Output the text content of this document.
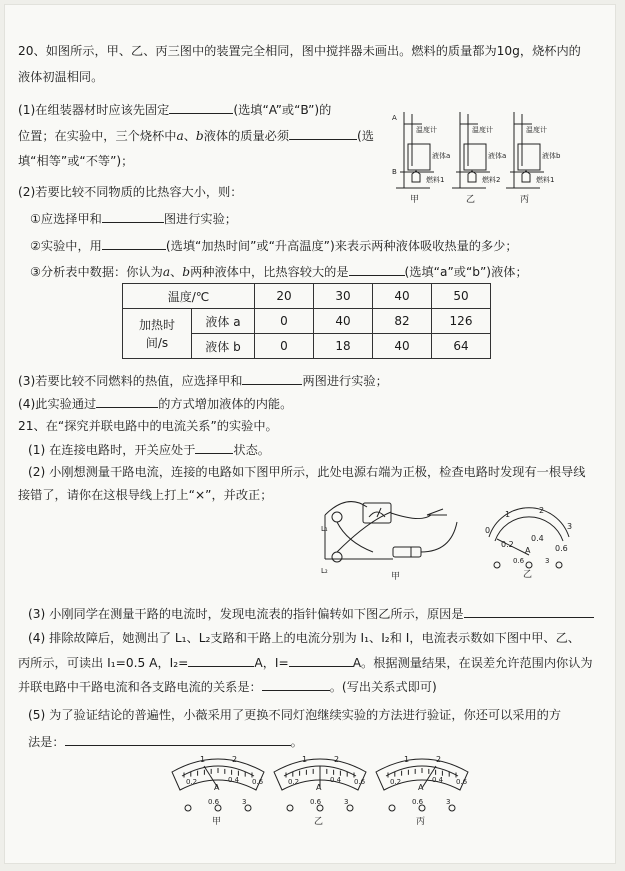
20、如图所示，甲、乙、丙三图中的装置完全相同，图中搅拌器未画出。燃料的质量都为10g，烧杯内的
液体初温相同。
(1)在组装器材时应该先固定	(选填“A”或“B”)的
位置；在实验中，三个烧杯中a、b液体的质量必须	(选
填“相等”或“不等”)；
(2)若要比较不同物质的比热容大小，则：
①应选择甲和	图进行实验；
②实验中，用	(选填“加热时间”或“升高温度”)来表示两种液体吸收热量的多少；
③分析表中数据：你认为a、b两种液体中，比热容较大的是	(选填“a”或“b”)液体；
温度/℃		20	30	40	50
加热时
间/s	液体 a	0	40	82	126
	液体 b	0	18	40	64
(3)若要比较不同燃料的热值，应选择甲和	两图进行实验；
(4)此实验通过	的方式增加液体的内能。
A
B
温度计	温度计	温度计
液体a	液体a	液体b
燃料1	燃料2	燃料1
甲	乙	丙
21、在“探究并联电路中的电流关系”的实验中。
(1) 在连接电路时，开关应处于	状态。
(2) 小刚想测量干路电流，连接的电路如下图甲所示，此处电源右端为正极，检查电路时发现有一根导线
接错了，请你在这根导线上打上“×”，并改正；
L₁
L₂
甲
0
1	2
3
0.2
0.4
0.6
A
0.6	3
乙
(3) 小刚同学在测量干路的电流时，发现电流表的指针偏转如下图乙所示，原因是
(4) 排除故障后，她测出了 L₁、L₂支路和干路上的电流分别为 I₁、I₂和 I，电流表示数如下图中甲、乙、
丙所示，可读出 I₁=0.5 A，I₂=	A，I=	A。根据测量结果，在误差允许范围内你认为
并联电路中干路电流和各支路电流的关系是：	。(写出关系式即可)
(5) 为了验证结论的普遍性，小薇采用了更换不同灯泡继续实验的方法进行验证，你还可以采用的方
法是：	。
1	2
0.2	0.4 0.6
A
0.6	3
甲
1	2
0.2	0.4 0.6
A
0.6	3
乙
1	2
0.2	0.4 0.6
A
0.6	3
丙
